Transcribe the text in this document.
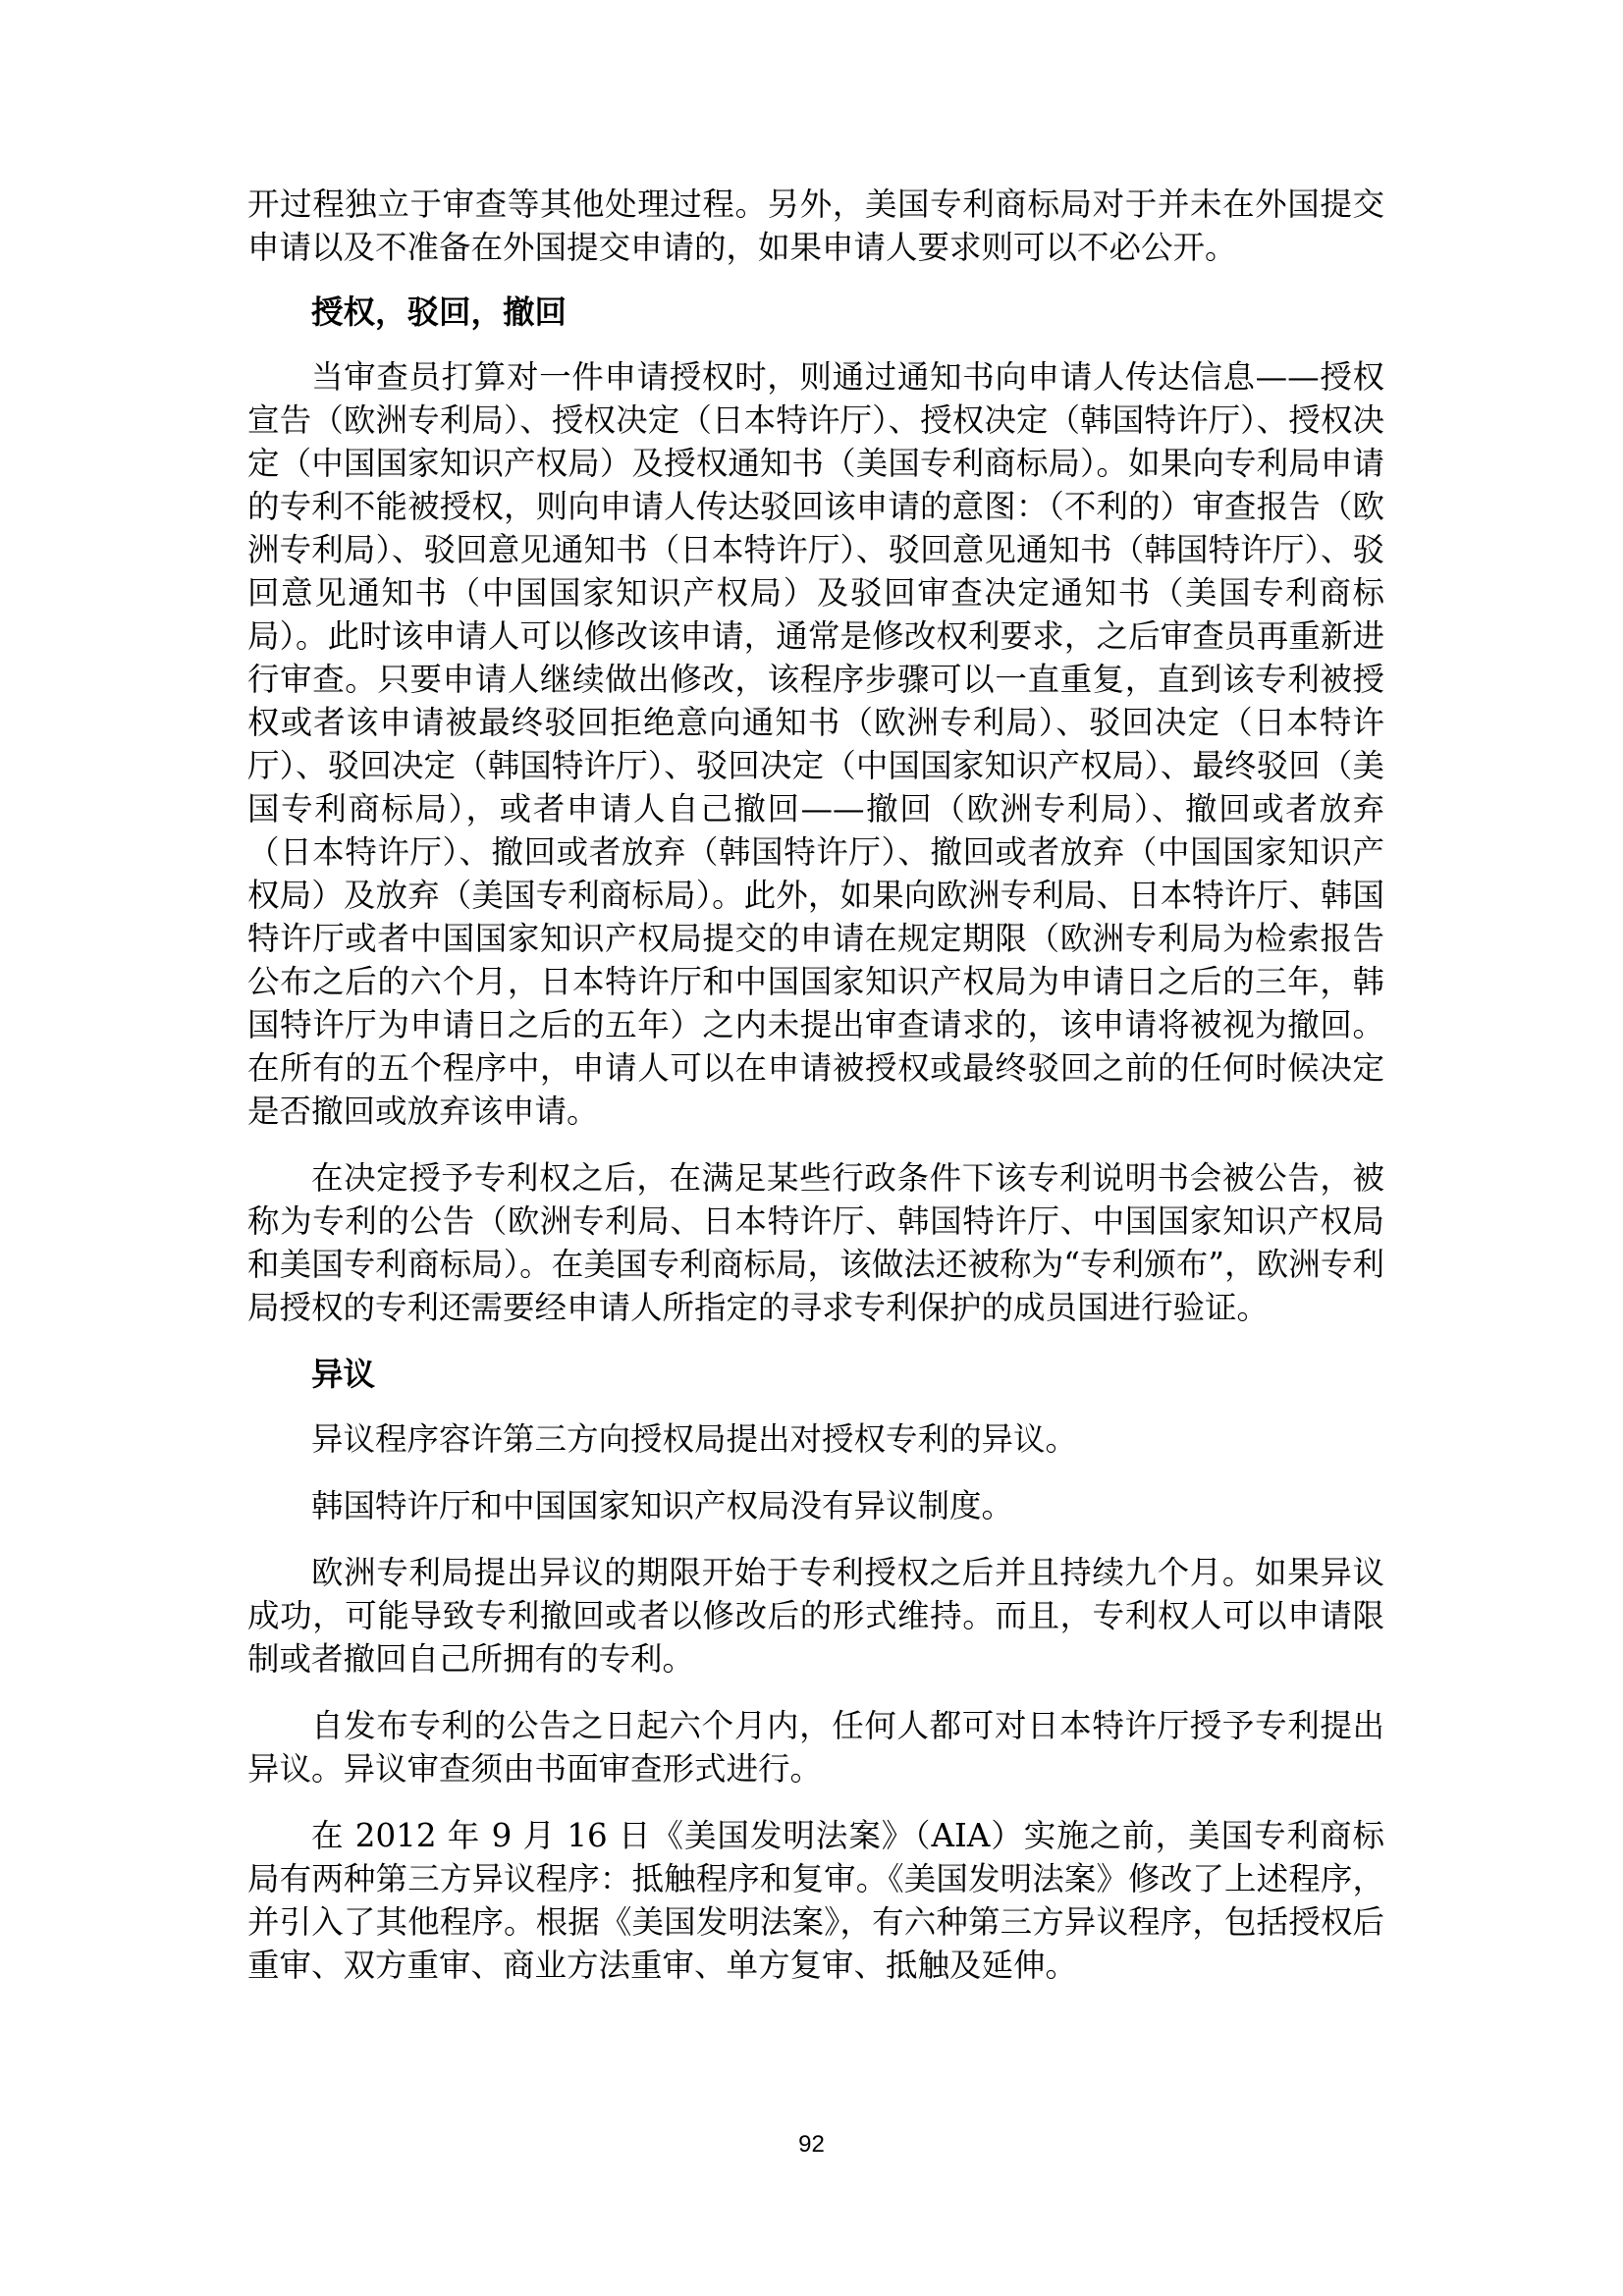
开过程独立于审查等其他处理过程。另外，美国专利商标局对于并未在外国提交申请以及不准备在外国提交申请的，如果申请人要求则可以不必公开。

授权，驳回，撤回

当审查员打算对一件申请授权时，则通过通知书向申请人传达信息——授权宣告（欧洲专利局）、授权决定（日本特许厅）、授权决定（韩国特许厅）、授权决定（中国国家知识产权局）及授权通知书（美国专利商标局）。如果向专利局申请的专利不能被授权，则向申请人传达驳回该申请的意图：（不利的）审查报告（欧洲专利局）、驳回意见通知书（日本特许厅）、驳回意见通知书（韩国特许厅）、驳回意见通知书（中国国家知识产权局）及驳回审查决定通知书（美国专利商标局）。此时该申请人可以修改该申请，通常是修改权利要求，之后审查员再重新进行审查。只要申请人继续做出修改，该程序步骤可以一直重复，直到该专利被授权或者该申请被最终驳回拒绝意向通知书（欧洲专利局）、驳回决定（日本特许厅）、驳回决定（韩国特许厅）、驳回决定（中国国家知识产权局）、最终驳回（美国专利商标局），或者申请人自己撤回——撤回（欧洲专利局）、撤回或者放弃（日本特许厅）、撤回或者放弃（韩国特许厅）、撤回或者放弃（中国国家知识产权局）及放弃（美国专利商标局）。此外，如果向欧洲专利局、日本特许厅、韩国特许厅或者中国国家知识产权局提交的申请在规定期限（欧洲专利局为检索报告公布之后的六个月，日本特许厅和中国国家知识产权局为申请日之后的三年，韩国特许厅为申请日之后的五年）之内未提出审查请求的，该申请将被视为撤回。在所有的五个程序中，申请人可以在申请被授权或最终驳回之前的任何时候决定是否撤回或放弃该申请。

在决定授予专利权之后，在满足某些行政条件下该专利说明书会被公告，被称为专利的公告（欧洲专利局、日本特许厅、韩国特许厅、中国国家知识产权局和美国专利商标局）。在美国专利商标局，该做法还被称为“专利颁布”，欧洲专利局授权的专利还需要经申请人所指定的寻求专利保护的成员国进行验证。

异议

异议程序容许第三方向授权局提出对授权专利的异议。

韩国特许厅和中国国家知识产权局没有异议制度。

欧洲专利局提出异议的期限开始于专利授权之后并且持续九个月。如果异议成功，可能导致专利撤回或者以修改后的形式维持。而且，专利权人可以申请限制或者撤回自己所拥有的专利。

自发布专利的公告之日起六个月内，任何人都可对日本特许厅授予专利提出异议。异议审查须由书面审查形式进行。

在 2012 年 9 月 16 日《美国发明法案》（AIA）实施之前，美国专利商标局有两种第三方异议程序：抵触程序和复审。《美国发明法案》修改了上述程序，并引入了其他程序。根据《美国发明法案》，有六种第三方异议程序，包括授权后重审、双方重审、商业方法重审、单方复审、抵触及延伸。

92
